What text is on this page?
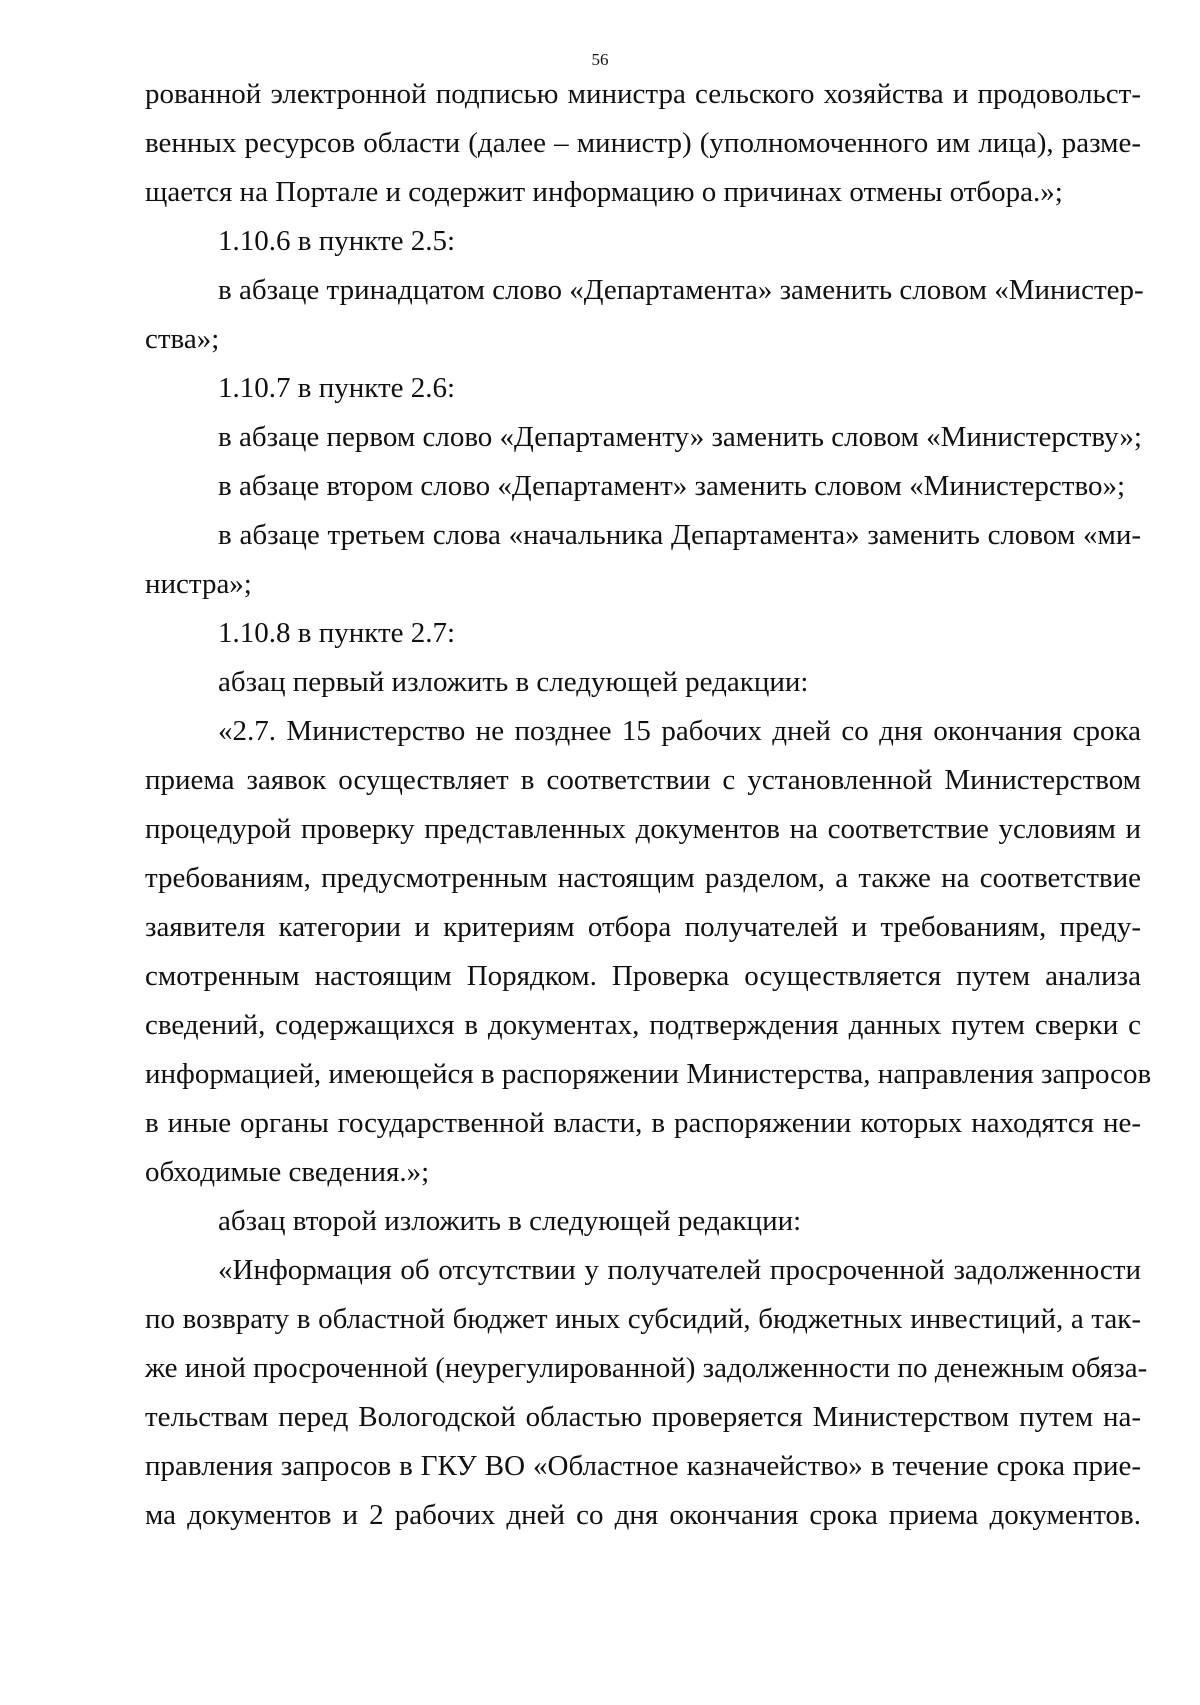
56
рованной электронной подписью министра сельского хозяйства и продовольст-
венных ресурсов области (далее – министр) (уполномоченного им лица), разме-
щается на Портале и содержит информацию о причинах отмены отбора.»;
1.10.6 в пункте 2.5:
в абзаце тринадцатом слово «Департамента» заменить словом «Министер-
ства»;
1.10.7 в пункте 2.6:
в абзаце первом слово «Департаменту» заменить словом «Министерству»;
в абзаце втором слово «Департамент» заменить словом «Министерство»;
в абзаце третьем слова «начальника Департамента» заменить словом «ми-
нистра»;
1.10.8 в пункте 2.7:
абзац первый изложить в следующей редакции:
«2.7. Министерство не позднее 15 рабочих дней со дня окончания срока
приема заявок осуществляет в соответствии с установленной Министерством
процедурой проверку представленных документов на соответствие условиям и
требованиям, предусмотренным настоящим разделом, а также на соответствие
заявителя категории и критериям отбора получателей и требованиям, преду-
смотренным настоящим Порядком. Проверка осуществляется путем анализа
сведений, содержащихся в документах, подтверждения данных путем сверки с
информацией, имеющейся в распоряжении Министерства, направления запросов
в иные органы государственной власти, в распоряжении которых находятся не-
обходимые сведения.»;
абзац второй изложить в следующей редакции:
«Информация об отсутствии у получателей просроченной задолженности
по возврату в областной бюджет иных субсидий, бюджетных инвестиций, а так-
же иной просроченной (неурегулированной) задолженности по денежным обяза-
тельствам перед Вологодской областью проверяется Министерством путем на-
правления запросов в ГКУ ВО «Областное казначейство» в течение срока прие-
ма документов и 2 рабочих дней со дня окончания срока приема документов.
